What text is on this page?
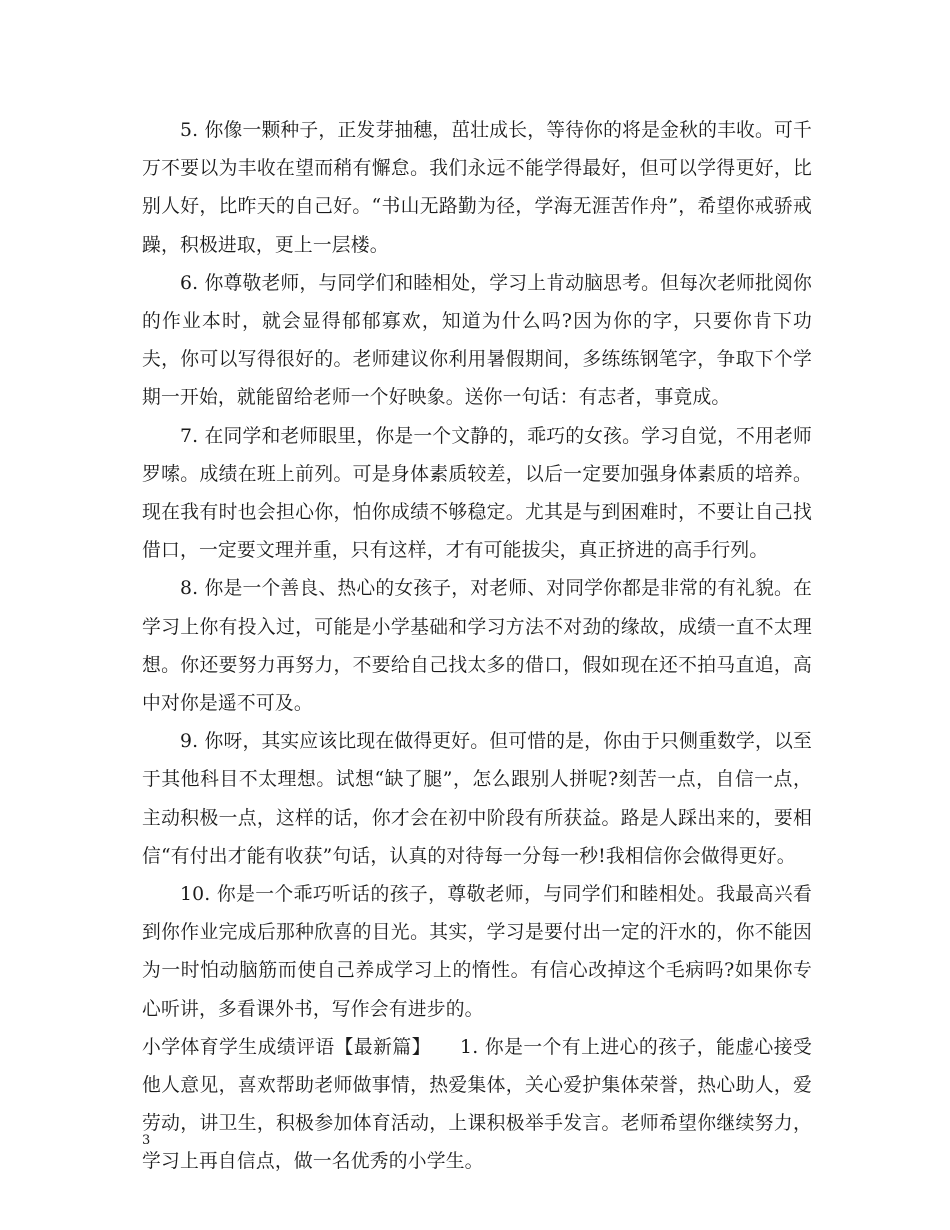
5. 你像一颗种子，正发芽抽穗，茁壮成长，等待你的将是金秋的丰收。可千万不要以为丰收在望而稍有懈怠。我们永远不能学得最好，但可以学得更好，比别人好，比昨天的自己好。“书山无路勤为径，学海无涯苦作舟”，希望你戒骄戒躁，积极进取，更上一层楼。

6. 你尊敬老师，与同学们和睦相处，学习上肯动脑思考。但每次老师批阅你的作业本时，就会显得郁郁寡欢，知道为什么吗?因为你的字，只要你肯下功夫，你可以写得很好的。老师建议你利用暑假期间，多练练钢笔字，争取下个学期一开始，就能留给老师一个好映象。送你一句话：有志者，事竟成。

7. 在同学和老师眼里，你是一个文静的，乖巧的女孩。学习自觉，不用老师罗嗦。成绩在班上前列。可是身体素质较差，以后一定要加强身体素质的培养。现在我有时也会担心你，怕你成绩不够稳定。尤其是与到困难时，不要让自己找借口，一定要文理并重，只有这样，才有可能拔尖，真正挤进的高手行列。

8. 你是一个善良、热心的女孩子，对老师、对同学你都是非常的有礼貌。在学习上你有投入过，可能是小学基础和学习方法不对劲的缘故，成绩一直不太理想。你还要努力再努力，不要给自己找太多的借口，假如现在还不拍马直追，高中对你是遥不可及。

9. 你呀，其实应该比现在做得更好。但可惜的是，你由于只侧重数学，以至于其他科目不太理想。试想“缺了腿”，怎么跟别人拼呢?刻苦一点，自信一点，主动积极一点，这样的话，你才会在初中阶段有所获益。路是人踩出来的，要相信“有付出才能有收获”句话，认真的对待每一分每一秒!我相信你会做得更好。

10. 你是一个乖巧听话的孩子，尊敬老师，与同学们和睦相处。我最高兴看到你作业完成后那种欣喜的目光。其实，学习是要付出一定的汗水的，你不能因为一时怕动脑筋而使自己养成学习上的惰性。有信心改掉这个毛病吗?如果你专心听讲，多看课外书，写作会有进步的。

小学体育学生成绩评语【最新篇】　　1. 你是一个有上进心的孩子，能虚心接受他人意见，喜欢帮助老师做事情，热爱集体，关心爱护集体荣誉，热心助人，爱劳动，讲卫生，积极参加体育活动，上课积极举手发言。老师希望你继续努力，学习上再自信点，做一名优秀的小学生。

3
